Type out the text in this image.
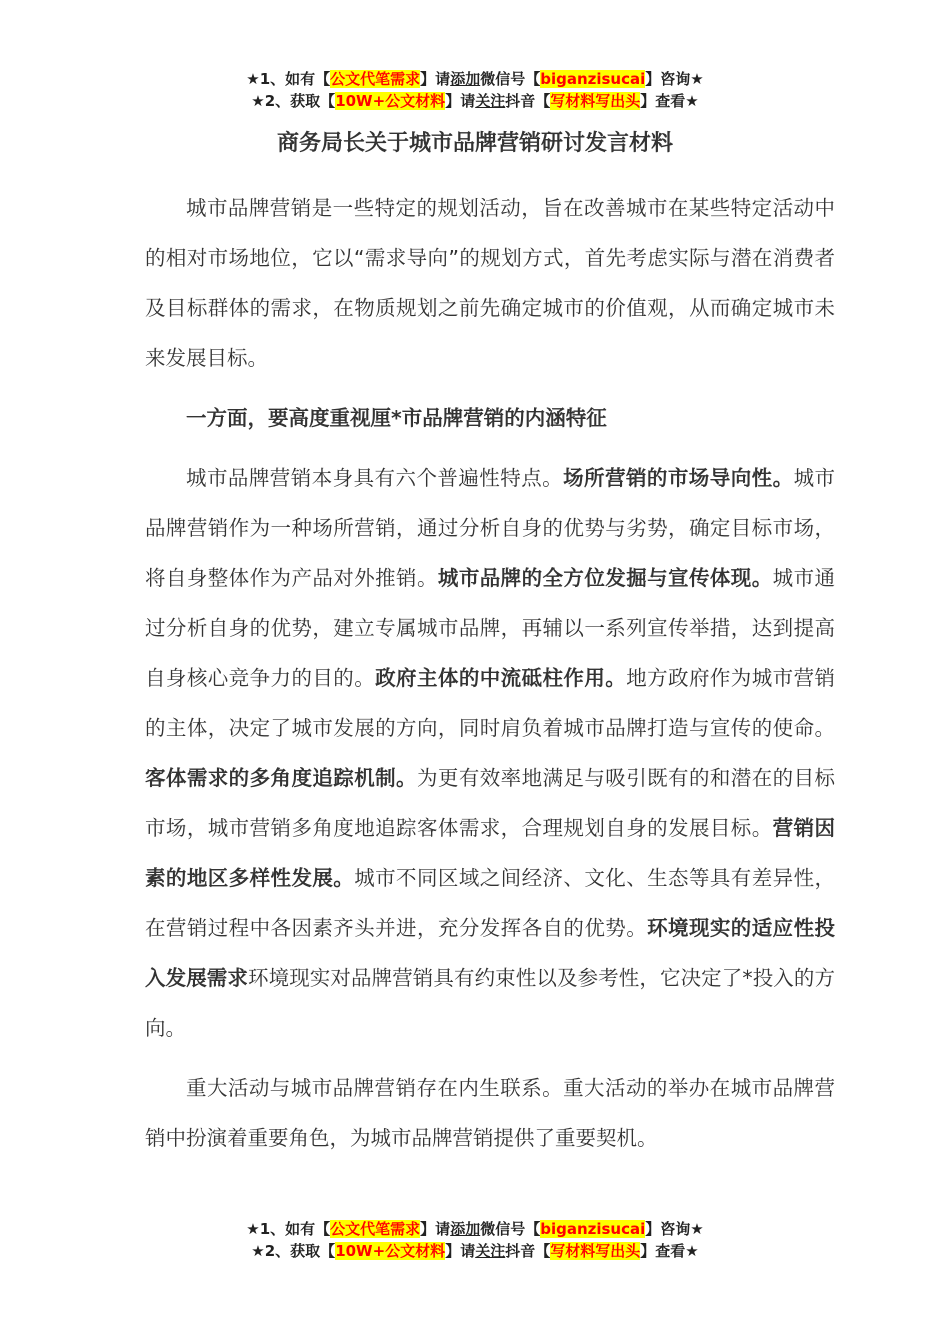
★1、如有【公文代笔需求】请添加微信号【biganzisucai】咨询★
★2、获取【10W+公文材料】请关注抖音【写材料写出头】查看★
商务局长关于城市品牌营销研讨发言材料

城市品牌营销是一些特定的规划活动，旨在改善城市在某些特定活动中的相对市场地位，它以“需求导向”的规划方式，首先考虑实际与潜在消费者及目标群体的需求，在物质规划之前先确定城市的价值观，从而确定城市未来发展目标。

一方面，要高度重视厘*市品牌营销的内涵特征

城市品牌营销本身具有六个普遍性特点。场所营销的市场导向性。城市品牌营销作为一种场所营销，通过分析自身的优势与劣势，确定目标市场，将自身整体作为产品对外推销。城市品牌的全方位发掘与宣传体现。城市通过分析自身的优势，建立专属城市品牌，再辅以一系列宣传举措，达到提高自身核心竞争力的目的。政府主体的中流砥柱作用。地方政府作为城市营销的主体，决定了城市发展的方向，同时肩负着城市品牌打造与宣传的使命。客体需求的多角度追踪机制。为更有效率地满足与吸引既有的和潜在的目标市场，城市营销多角度地追踪客体需求，合理规划自身的发展目标。营销因素的地区多样性发展。城市不同区域之间经济、文化、生态等具有差异性，在营销过程中各因素齐头并进，充分发挥各自的优势。环境现实的适应性投入发展需求环境现实对品牌营销具有约束性以及参考性，它决定了*投入的方向。

重大活动与城市品牌营销存在内生联系。重大活动的举办在城市品牌营销中扮演着重要角色，为城市品牌营销提供了重要契机。

★1、如有【公文代笔需求】请添加微信号【biganzisucai】咨询★
★2、获取【10W+公文材料】请关注抖音【写材料写出头】查看★
